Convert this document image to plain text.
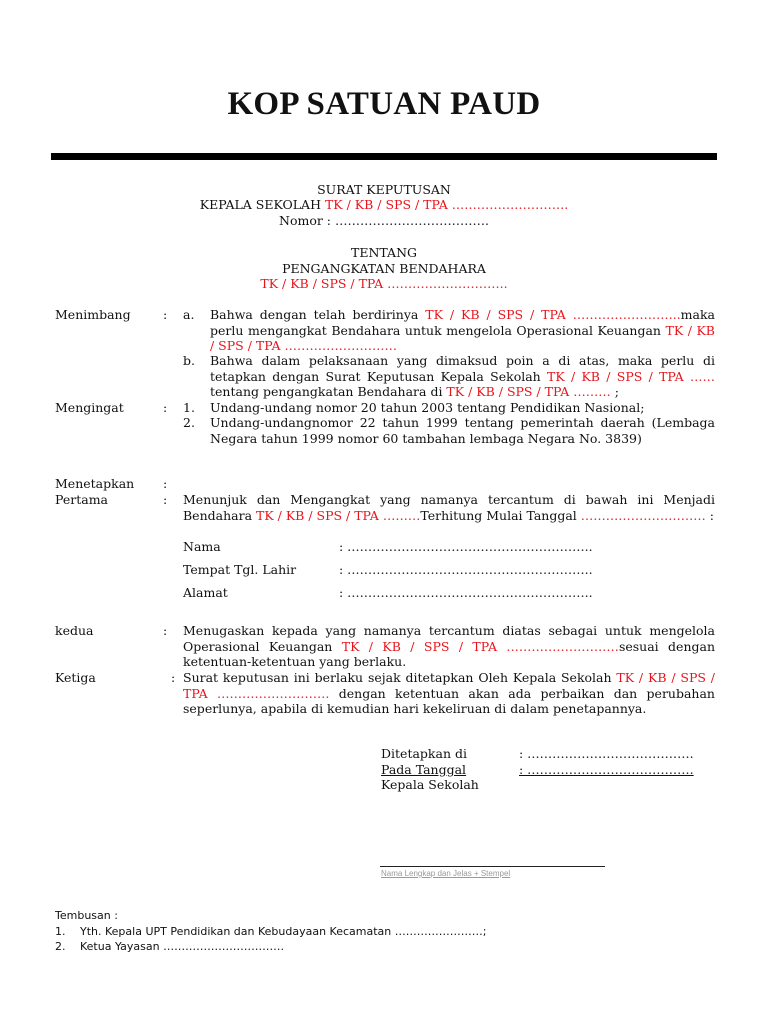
KOP SATUAN PAUD
SURAT KEPUTUSAN
KEPALA SEKOLAH TK / KB / SPS / TPA ……………………….
Nomor : ……………………………….
TENTANG
PENGANGKATAN BENDAHARA
TK / KB / SPS / TPA ………………………..
Menimbang	: a. Bahwa dengan telah berdirinya TK / KB / SPS / TPA ……………………..maka perlu mengangkat Bendahara untuk mengelola Operasional Keuangan TK / KB / SPS / TPA ………………………
b. Bahwa dalam pelaksanaan yang dimaksud poin a di atas, maka perlu di tetapkan dengan Surat Keputusan Kepala Sekolah TK / KB / SPS / TPA …… tentang pengangkatan Bendahara di TK / KB / SPS / TPA ……… ;
Mengingat	: 1. Undang-undang nomor 20 tahun 2003 tentang Pendidikan Nasional;
2. Undang-undangnomor 22 tahun 1999 tentang pemerintah daerah (Lembaga Negara tahun 1999 nomor 60 tambahan lembaga Negara No. 3839)
Menetapkan :
Pertama	: Menunjuk dan Mengangkat yang namanya tercantum di bawah ini Menjadi Bendahara TK / KB / SPS / TPA ………Terhitung Mulai Tanggal ………………………… :
Nama	: …………………………………………………..
Tempat Tgl. Lahir	: …………………………………………………..
Alamat	: …………………………………………………..
kedua	: Menugaskan kepada yang namanya tercantum diatas sebagai untuk mengelola Operasional Keuangan TK / KB / SPS / TPA ………………………sesuai dengan ketentuan-ketentuan yang berlaku.
Ketiga	: Surat keputusan ini berlaku sejak ditetapkan Oleh Kepala Sekolah TK / KB / SPS / TPA ……………………… dengan ketentuan akan ada perbaikan dan perubahan seperlunya, apabila di kemudian hari kekeliruan di dalam penetapannya.
Ditetapkan di	: ………………………………….
Pada Tanggal	: ………………………………….
Kepala Sekolah
Nama Lengkap dan Jelas + Stempel
Tembusan :
1. Yth. Kepala UPT Pendidikan dan Kebudayaan Kecamatan ……………………;
2. Ketua Yayasan ……………………………
